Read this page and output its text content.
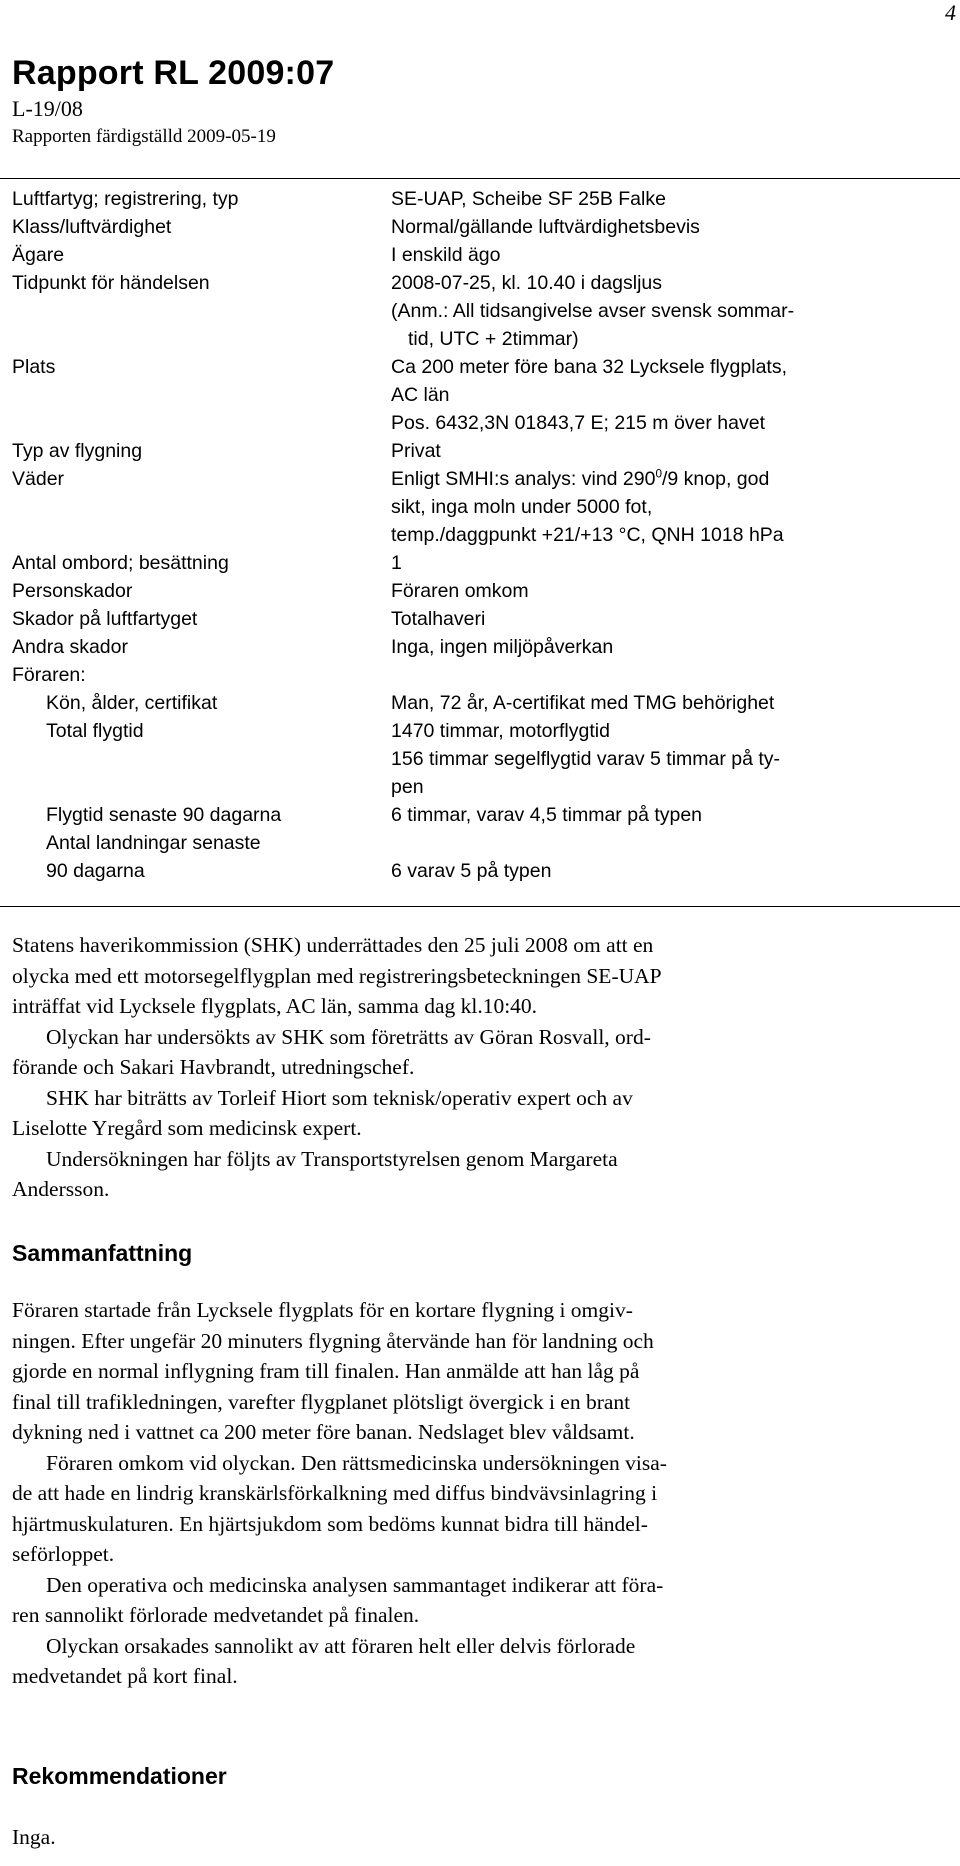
4
Rapport RL 2009:07
L-19/08
Rapporten färdigställd 2009-05-19
Luftfartyg; registrering, typ	SE-UAP, Scheibe SF 25B Falke
Klass/luftvärdighet	Normal/gällande luftvärdighetsbevis
Ägare	I enskild ägo
Tidpunkt för händelsen	2008-07-25, kl. 10.40 i dagsljus
(Anm.: All tidsangivelse avser svensk sommar-
tid, UTC + 2timmar)
Plats	Ca 200 meter före bana 32 Lycksele flygplats,
AC län
Pos. 6432,3N 01843,7 E; 215 m över havet
Typ av flygning	Privat
Väder	Enligt SMHI:s analys: vind $290^0/9$ knop, god
sikt, inga moln under 5000 fot,
temp./daggpunkt +21/+13 °C, QNH 1018 hPa
Antal ombord; besättning	1
Personskador	Föraren omkom
Skador på luftfartyget	Totalhaveri
Andra skador	Inga, ingen miljöpåverkan
Föraren:
Kön, ålder, certifikat	Man, 72 år, A-certifikat med TMG behörighet
Total flygtid	1470 timmar, motorflygtid
156 timmar segelflygtid varav 5 timmar på ty-
pen
Flygtid senaste 90 dagarna	6 timmar, varav 4,5 timmar på typen
Antal landningar senaste
90 dagarna	6 varav 5 på typen

Statens haverikommission (SHK) underrättades den 25 juli 2008 om att en
olycka med ett motorsegelflygplan med registreringsbeteckningen SE-UAP
inträffat vid Lycksele flygplats, AC län, samma dag kl.10:40.

Olyckan har undersökts av SHK som företrätts av Göran Rosvall, ord-
förande och Sakari Havbrandt, utredningschef.

SHK har biträtts av Torleif Hiort som teknisk/operativ expert och av
Liselotte Yregård som medicinsk expert.

Undersökningen har följts av Transportstyrelsen genom Margareta
Andersson.

Sammanfattning

Föraren startade från Lycksele flygplats för en kortare flygning i omgiv-
ningen. Efter ungefär 20 minuters flygning återvände han för landning och
gjorde en normal inflygning fram till finalen. Han anmälde att han låg på
final till trafikledningen, varefter flygplanet plötsligt övergick i en brant
dykning ned i vattnet ca 200 meter före banan. Nedslaget blev våldsamt.

Föraren omkom vid olyckan. Den rättsmedicinska undersökningen visa-
de att hade en lindrig kranskärlsförkalkning med diffus bindvävsinlagring i
hjärtmuskulaturen. En hjärtsjukdom som bedöms kunnat bidra till händel-
seförloppet.

Den operativa och medicinska analysen sammantaget indikerar att föra-
ren sannolikt förlorade medvetandet på finalen.

Olyckan orsakades sannolikt av att föraren helt eller delvis förlorade
medvetandet på kort final.

Rekommendationer

Inga.
